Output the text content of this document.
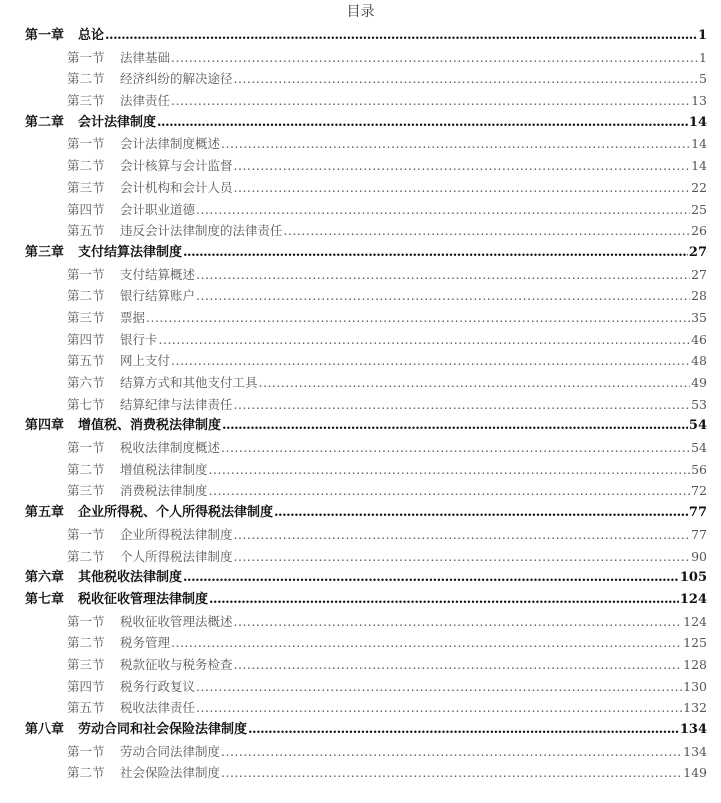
目录
第一章	总论 .....	1
第一节	法律基础 .....	1
第二节	经济纠纷的解决途径 .....	5
第三节	法律责任 .....	13
第二章	会计法律制度 .....	14
第一节	会计法律制度概述 .....	14
第二节	会计核算与会计监督 .....	14
第三节	会计机构和会计人员 .....	22
第四节	会计职业道德 .....	25
第五节	违反会计法律制度的法律责任 .....	26
第三章	支付结算法律制度 .....	27
第一节	支付结算概述 .....	27
第二节	银行结算账户 .....	28
第三节	票据 .....	35
第四节	银行卡 .....	46
第五节	网上支付 .....	48
第六节	结算方式和其他支付工具 .....	49
第七节	结算纪律与法律责任 .....	53
第四章	增值税、消费税法律制度 .....	54
第一节	税收法律制度概述 .....	54
第二节	增值税法律制度 .....	56
第三节	消费税法律制度 .....	72
第五章	企业所得税、个人所得税法律制度 .....	77
第一节	企业所得税法律制度 .....	77
第二节	个人所得税法律制度 .....	90
第六章	其他税收法律制度 .....	105
第七章	税收征收管理法律制度 .....	124
第一节	税收征收管理法概述 .....	124
第二节	税务管理 .....	125
第三节	税款征收与税务检查 .....	128
第四节	税务行政复议 .....	130
第五节	税收法律责任 .....	132
第八章	劳动合同和社会保险法律制度 .....	134
第一节	劳动合同法律制度 .....	134
第二节	社会保险法律制度 .....	149
